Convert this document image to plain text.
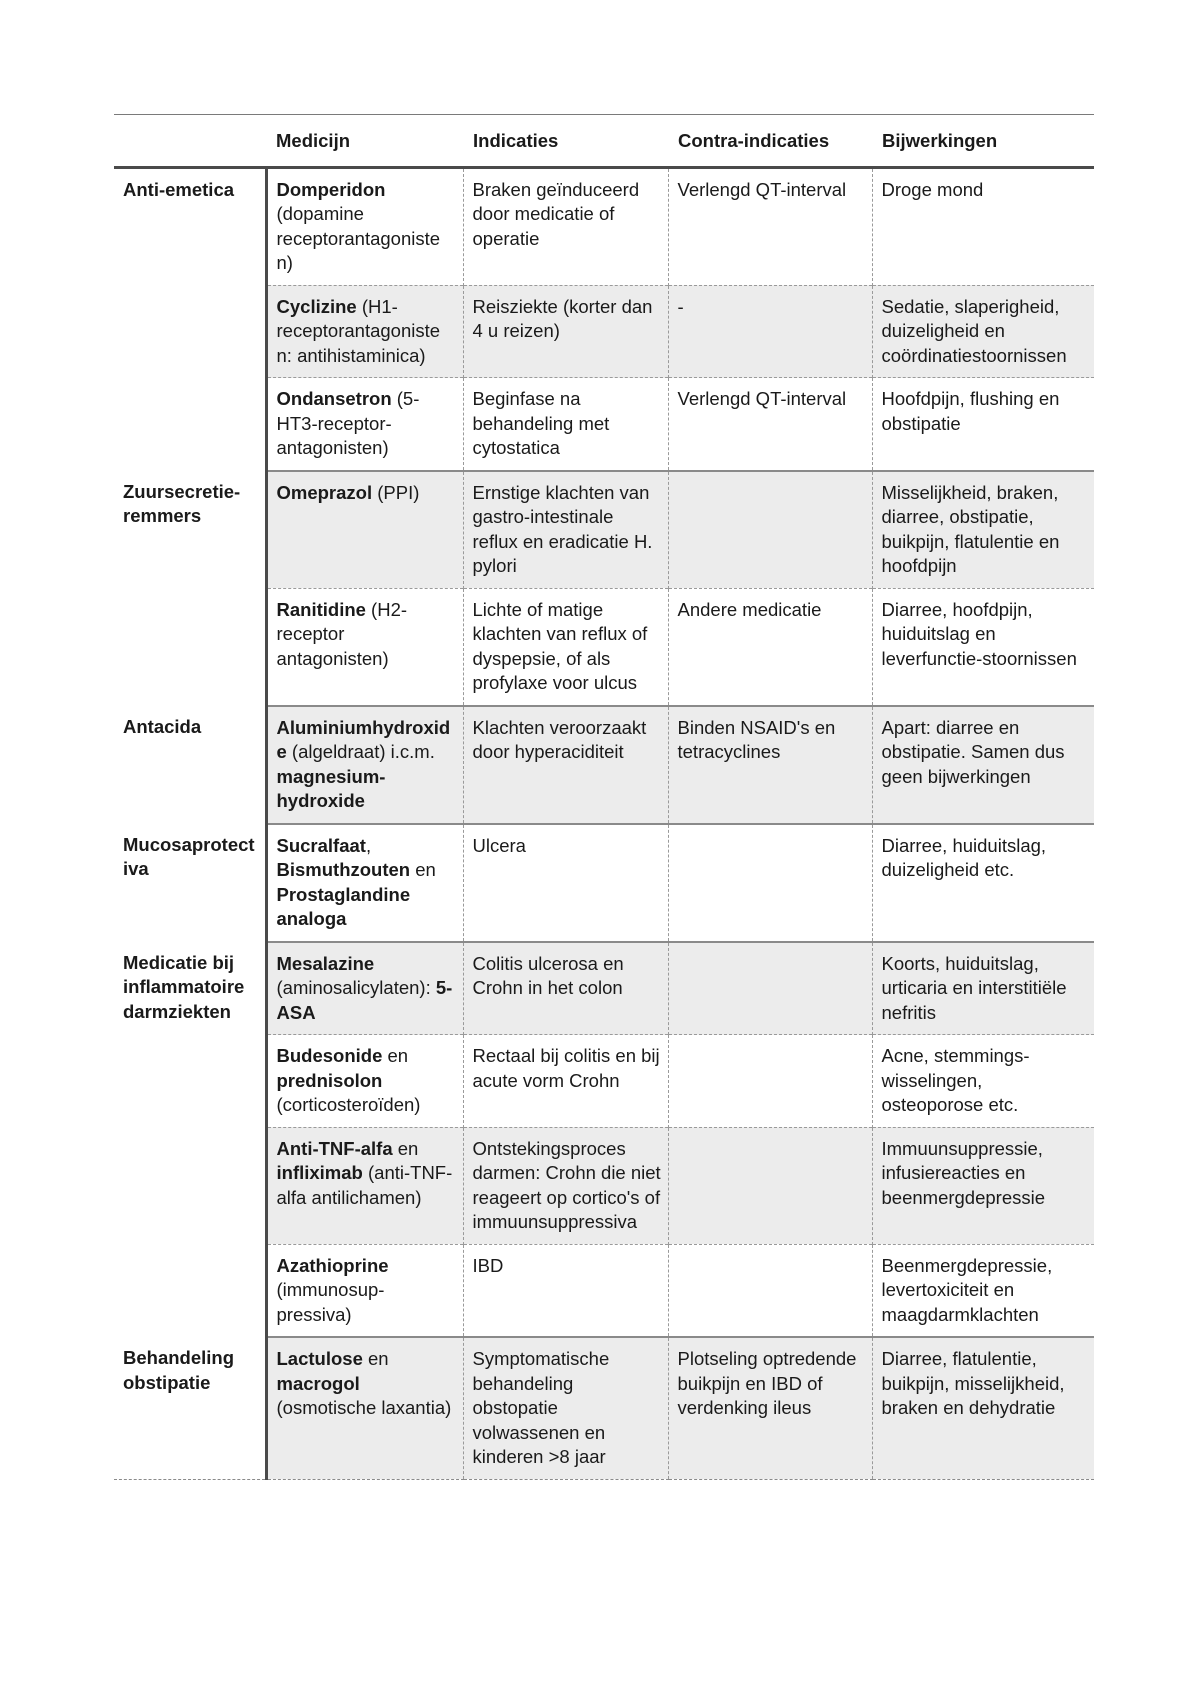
	Medicijn	Indicaties	Contra-indicaties	Bijwerkingen
Anti-emetica	Domperidon (dopamine receptorantagoniste n)	Braken geïnduceerd door medicatie of operatie	Verlengd QT-interval	Droge mond
	Cyclizine (H1-receptorantagoniste n: antihistaminica)	Reisziekte (korter dan 4 u reizen)	-	Sedatie, slaperigheid, duizeligheid en coördinatiestoornissen
	Ondansetron (5-HT3-receptor-antagonisten)	Beginfase na behandeling met cytostatica	Verlengd QT-interval	Hoofdpijn, flushing en obstipatie
Zuursecretie-remmers	Omeprazol (PPI)	Ernstige klachten van gastro-intestinale reflux en eradicatie H. pylori		Misselijkheid, braken, diarree, obstipatie, buikpijn, flatulentie en hoofdpijn
	Ranitidine (H2-receptor antagonisten)	Lichte of matige klachten van reflux of dyspepsie, of als profylaxe voor ulcus	Andere medicatie	Diarree, hoofdpijn, huiduitslag en leverfunctie-stoornissen
Antacida	Aluminiumhydroxide (algeldraat) i.c.m. magnesium-hydroxide	Klachten veroorzaakt door hyperaciditeit	Binden NSAID's en tetracyclines	Apart: diarree en obstipatie. Samen dus geen bijwerkingen
Mucosaprotectiva	Sucralfaat, Bismuthzouten en Prostaglandine analoga	Ulcera		Diarree, huiduitslag, duizeligheid etc.
Medicatie bij inflammatoire darmziekten	Mesalazine (aminosalicylaten): 5-ASA	Colitis ulcerosa en Crohn in het colon		Koorts, huiduitslag, urticaria en interstitiële nefritis
	Budesonide en prednisolon (corticosteroïden)	Rectaal bij colitis en bij acute vorm Crohn		Acne, stemmings-wisselingen, osteoporose etc.
	Anti-TNF-alfa en infliximab (anti-TNF-alfa antilichamen)	Ontstekingsproces darmen: Crohn die niet reageert op cortico's of immuunsuppressiva		Immuunsuppressie, infusiereacties en beenmergdepressie
	Azathioprine (immunosup-pressiva)	IBD		Beenmergdepressie, levertoxiciteit en maagdarmklachten
Behandeling obstipatie	Lactulose en macrogol (osmotische laxantia)	Symptomatische behandeling obstopatie volwassenen en kinderen >8 jaar	Plotseling optredende buikpijn en IBD of verdenking ileus	Diarree, flatulentie, buikpijn, misselijkheid, braken en dehydratie
